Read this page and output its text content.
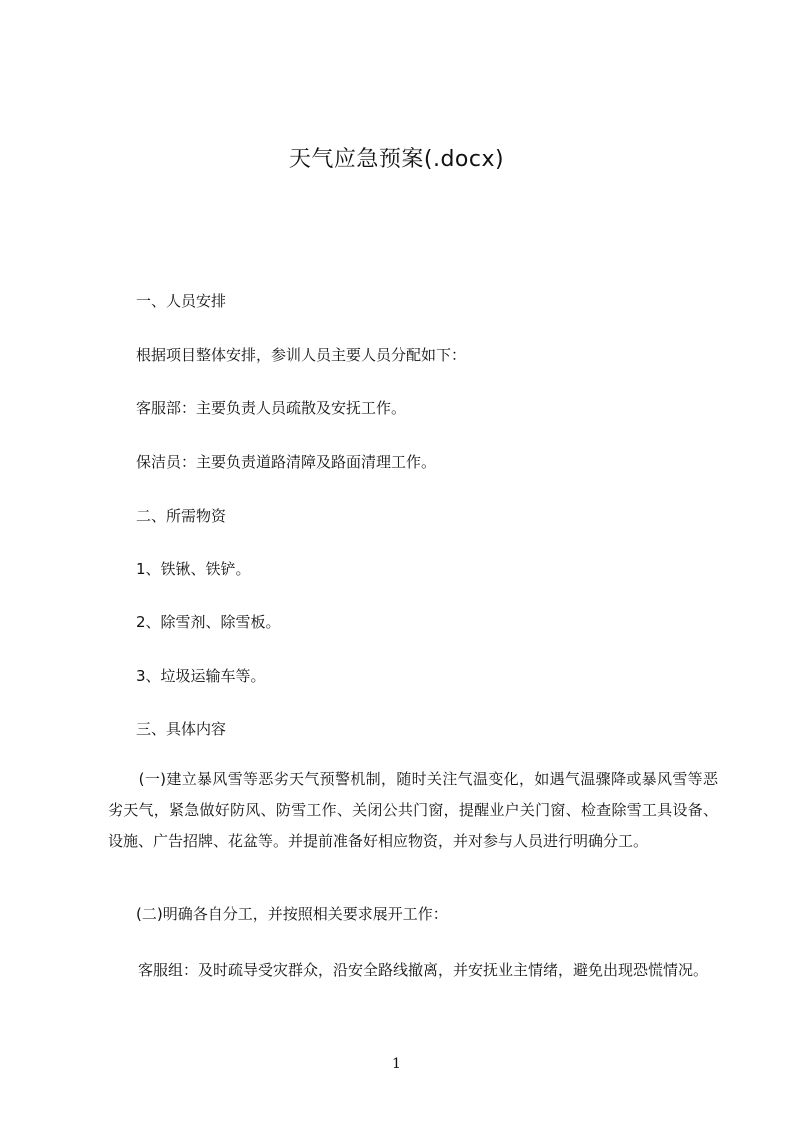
天气应急预案(.docx)
一、人员安排
根据项目整体安排，参训人员主要人员分配如下：
客服部：主要负责人员疏散及安抚工作。
保洁员：主要负责道路清障及路面清理工作。
二、所需物资
1、铁锹、铁铲。
2、除雪剂、除雪板。
3、垃圾运输车等。
三、具体内容
　　(一)建立暴风雪等恶劣天气预警机制，随时关注气温变化，如遇气温骤降或暴风雪等恶劣天气，紧急做好防风、防雪工作、关闭公共门窗，提醒业户关门窗、检查除雪工具设备、设施、广告招牌、花盆等。并提前准备好相应物资，并对参与人员进行明确分工。
(二)明确各自分工，并按照相关要求展开工作：
　　客服组：及时疏导受灾群众，沿安全路线撤离，并安抚业主情绪，避免出现恐慌情况。
1
